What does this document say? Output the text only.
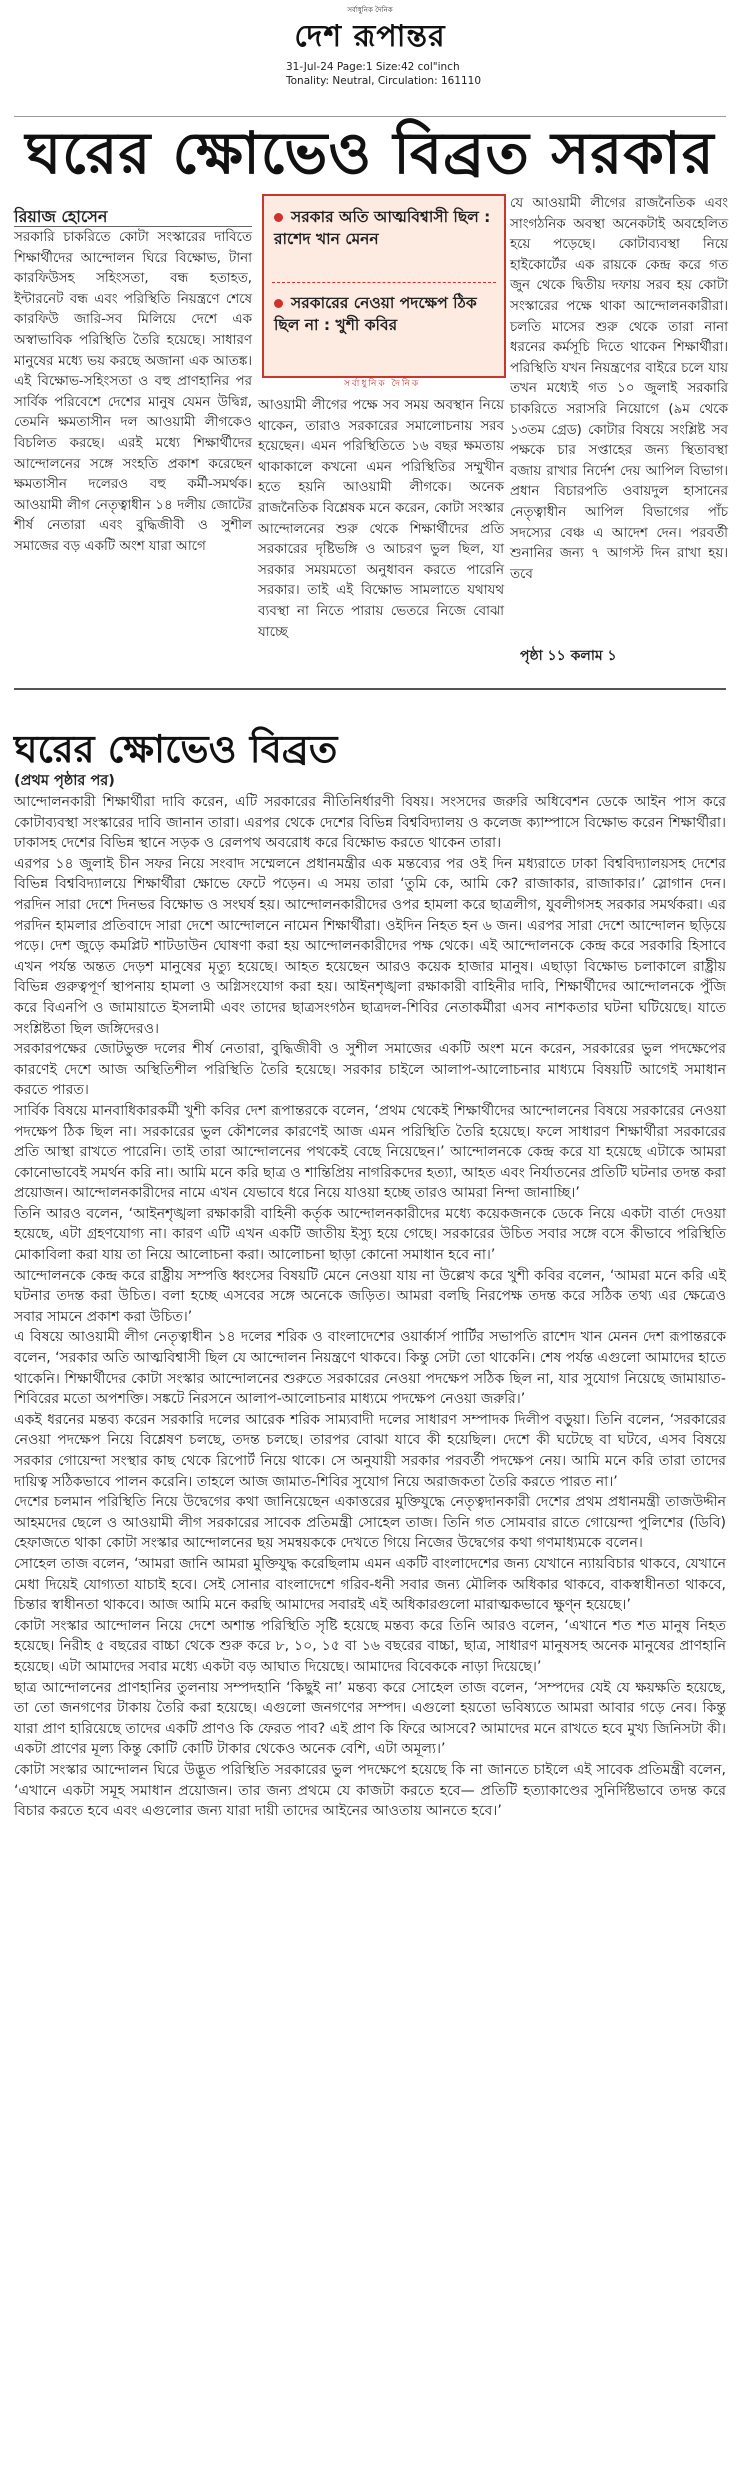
সর্বাধুনিক দৈনিক
দেশ রূপান্তর
31-Jul-24 Page:1 Size:42 col"inch
Tonality: Neutral, Circulation: 161110
ঘরের ক্ষোভেও বিব্রত সরকার
রিয়াজ হোসেন
সরকারি চাকরিতে কোটা সংস্কারের দাবিতে শিক্ষার্থীদের আন্দোলন ঘিরে বিক্ষোভ, টানা কারফিউসহ সহিংসতা, বন্ধ হতাহত, ইন্টারনেট বন্ধ এবং পরিস্থিতি নিয়ন্ত্রণে শেষে কারফিউ জারি-সব মিলিয়ে দেশে এক অস্বাভাবিক পরিস্থিতি তৈরি হয়েছে। সাধারণ মানুষের মধ্যে ভয় করছে অজানা এক আতঙ্ক। এই বিক্ষোভ-সহিংসতা ও বহু প্রাণহানির পর সার্বিক পরিবেশে দেশের মানুষ যেমন উদ্বিগ্ন, তেমনি ক্ষমতাসীন দল আওয়ামী লীগকেও বিচলিত করছে। এরই মধ্যে শিক্ষার্থীদের আন্দোলনের সঙ্গে সংহতি প্রকাশ করেছেন ক্ষমতাসীন দলেরও বহু কর্মী-সমর্থক। আওয়ামী লীগ নেতৃত্বাধীন ১৪ দলীয় জোটের শীর্ষ নেতারা এবং বুদ্ধিজীবী ও সুশীল সমাজের বড় একটি অংশ যারা আগে
সরকার অতি আত্মবিশ্বাসী ছিল : রাশেদ খান মেনন
সরকারের নেওয়া পদক্ষেপ ঠিক ছিল না : খুশী কবির
সর্বাধুনিক দৈনিক
আওয়ামী লীগের পক্ষে সব সময় অবস্থান নিয়ে থাকেন, তারাও সরকারের সমালোচনায় সরব হয়েছেন। এমন পরিস্থিতিতে ১৬ বছর ক্ষমতায় থাকাকালে কখনো এমন পরিস্থিতির সম্মুখীন হতে হয়নি আওয়ামী লীগকে। অনেক রাজনৈতিক বিশ্লেষক মনে করেন, কোটা সংস্কার আন্দোলনের শুরু থেকে শিক্ষার্থীদের প্রতি সরকারের দৃষ্টিভঙ্গি ও আচরণ ভুল ছিল, যা সরকার সময়মতো অনুধাবন করতে পারেনি সরকার। তাই এই বিক্ষোভ সামলাতে যথাযথ ব্যবস্থা না নিতে পারায় ভেতরে নিজে বোঝা যাচ্ছে
যে আওয়ামী লীগের রাজনৈতিক এবং সাংগঠনিক অবস্থা অনেকটাই অবহেলিত হয়ে পড়েছে। কোটাব্যবস্থা নিয়ে হাইকোর্টের এক রায়কে কেন্দ্র করে গত জুন থেকে দ্বিতীয় দফায় সরব হয় কোটা সংস্কারের পক্ষে থাকা আন্দোলনকারীরা। চলতি মাসের শুরু থেকে তারা নানা ধরনের কর্মসূচি দিতে থাকেন শিক্ষার্থীরা। পরিস্থিতি যখন নিয়ন্ত্রণের বাইরে চলে যায় তখন মধ্যেই গত ১০ জুলাই সরকারি চাকরিতে সরাসরি নিয়োগে (৯ম থেকে ১৩তম গ্রেড) কোটার বিষয়ে সংশ্লিষ্ট সব পক্ষকে চার সপ্তাহের জন্য স্থিতাবস্থা বজায় রাখার নির্দেশ দেয় আপিল বিভাগ। প্রধান বিচারপতি ওবায়দুল হাসানের নেতৃত্বাধীন আপিল বিভাগের পাঁচ সদস্যের বেঞ্চ এ আদেশ দেন। পরবর্তী শুনানির জন্য ৭ আগস্ট দিন রাখা হয়। তবে
পৃষ্ঠা ১১ কলাম ১
ঘরের ক্ষোভেও বিব্রত
(প্রথম পৃষ্ঠার পর)

আন্দোলনকারী শিক্ষার্থীরা দাবি করেন, এটি সরকারের নীতিনির্ধারণী বিষয়। সংসদের জরুরি অধিবেশন ডেকে আইন পাস করে কোটাব্যবস্থা সংস্কারের দাবি জানান তারা। এরপর থেকে দেশের বিভিন্ন বিশ্ববিদ্যালয় ও কলেজ ক্যাম্পাসে বিক্ষোভ করেন শিক্ষার্থীরা। ঢাকাসহ দেশের বিভিন্ন স্থানে সড়ক ও রেলপথ অবরোধ করে বিক্ষোভ করতে থাকেন তারা।

এরপর ১৪ জুলাই চীন সফর নিয়ে সংবাদ সম্মেলনে প্রধানমন্ত্রীর এক মন্তব্যের পর ওই দিন মধ্যরাতে ঢাকা বিশ্ববিদ্যালয়সহ দেশের বিভিন্ন বিশ্ববিদ্যালয়ে শিক্ষার্থীরা ক্ষোভে ফেটে পড়েন। এ সময় তারা ‘তুমি কে, আমি কে? রাজাকার, রাজাকার।’ স্লোগান দেন। পরদিন সারা দেশে দিনভর বিক্ষোভ ও সংঘর্ষ হয়। আন্দোলনকারীদের ওপর হামলা করে ছাত্রলীগ, যুবলীগসহ সরকার সমর্থকরা। এর পরদিন হামলার প্রতিবাদে সারা দেশে আন্দোলনে নামেন শিক্ষার্থীরা। ওইদিন নিহত হন ৬ জন। এরপর সারা দেশে আন্দোলন ছড়িয়ে পড়ে। দেশ জুড়ে কমপ্লিট শাটডাউন ঘোষণা করা হয় আন্দোলনকারীদের পক্ষ থেকে। এই আন্দোলনকে কেন্দ্র করে সরকারি হিসাবে এখন পর্যন্ত অন্তত দেড়শ মানুষের মৃত্যু হয়েছে। আহত হয়েছেন আরও কয়েক হাজার মানুষ। এছাড়া বিক্ষোভ চলাকালে রাষ্ট্রীয় বিভিন্ন গুরুত্বপূর্ণ স্থাপনায় হামলা ও অগ্নিসংযোগ করা হয়। আইনশৃঙ্খলা রক্ষাকারী বাহিনীর দাবি, শিক্ষার্থীদের আন্দোলনকে পুঁজি করে বিএনপি ও জামায়াতে ইসলামী এবং তাদের ছাত্রসংগঠন ছাত্রদল-শিবির নেতাকর্মীরা এসব নাশকতার ঘটনা ঘটিয়েছে। যাতে সংশ্লিষ্টতা ছিল জঙ্গিদেরও।

সরকারপক্ষের জোটভুক্ত দলের শীর্ষ নেতারা, বুদ্ধিজীবী ও সুশীল সমাজের একটি অংশ মনে করেন, সরকারের ভুল পদক্ষেপের কারণেই দেশে আজ অস্থিতিশীল পরিস্থিতি তৈরি হয়েছে। সরকার চাইলে আলাপ-আলোচনার মাধ্যমে বিষয়টি আগেই সমাধান করতে পারত।

সার্বিক বিষয়ে মানবাধিকারকর্মী খুশী কবির দেশ রূপান্তরকে বলেন, ‘প্রথম থেকেই শিক্ষার্থীদের আন্দোলনের বিষয়ে সরকারের নেওয়া পদক্ষেপ ঠিক ছিল না। সরকারের ভুল কৌশলের কারণেই আজ এমন পরিস্থিতি তৈরি হয়েছে। ফলে সাধারণ শিক্ষার্থীরা সরকারের প্রতি আস্থা রাখতে পারেনি। তাই তারা আন্দোলনের পথকেই বেছে নিয়েছেন।’ আন্দোলনকে কেন্দ্র করে যা হয়েছে এটাকে আমরা কোনোভাবেই সমর্থন করি না। আমি মনে করি ছাত্র ও শান্তিপ্রিয় নাগরিকদের হত্যা, আহত এবং নির্যাতনের প্রতিটি ঘটনার তদন্ত করা প্রয়োজন। আন্দোলনকারীদের নামে এখন যেভাবে ধরে নিয়ে যাওয়া হচ্ছে তারও আমরা নিন্দা জানাচ্ছি।’

তিনি আরও বলেন, ‘আইনশৃঙ্খলা রক্ষাকারী বাহিনী কর্তৃক আন্দোলনকারীদের মধ্যে কয়েকজনকে ডেকে নিয়ে একটা বার্তা দেওয়া হয়েছে, এটা গ্রহণযোগ্য না। কারণ এটি এখন একটি জাতীয় ইস্যু হয়ে গেছে। সরকারের উচিত সবার সঙ্গে বসে কীভাবে পরিস্থিতি মোকাবিলা করা যায় তা নিয়ে আলোচনা করা। আলোচনা ছাড়া কোনো সমাধান হবে না।’

আন্দোলনকে কেন্দ্র করে রাষ্ট্রীয় সম্পত্তি ধ্বংসের বিষয়টি মেনে নেওয়া যায় না উল্লেখ করে খুশী কবির বলেন, ‘আমরা মনে করি এই ঘটনার তদন্ত করা উচিত। বলা হচ্ছে এসবের সঙ্গে অনেকে জড়িত। আমরা বলছি নিরপেক্ষ তদন্ত করে সঠিক তথ্য এর ক্ষেত্রেও সবার সামনে প্রকাশ করা উচিত।’

এ বিষয়ে আওয়ামী লীগ নেতৃত্বাধীন ১৪ দলের শরিক ও বাংলাদেশের ওয়ার্কার্স পার্টির সভাপতি রাশেদ খান মেনন দেশ রূপান্তরকে বলেন, ‘সরকার অতি আত্মবিশ্বাসী ছিল যে আন্দোলন নিয়ন্ত্রণে থাকবে। কিন্তু সেটা তো থাকেনি। শেষ পর্যন্ত এগুলো আমাদের হাতে থাকেনি। শিক্ষার্থীদের কোটা সংস্কার আন্দোলনের শুরুতে সরকারের নেওয়া পদক্ষেপ সঠিক ছিল না, যার সুযোগ নিয়েছে জামায়াত-শিবিরের মতো অপশক্তি। সঙ্কটে নিরসনে আলাপ-আলোচনার মাধ্যমে পদক্ষেপ নেওয়া জরুরি।’

একই ধরনের মন্তব্য করেন সরকারি দলের আরেক শরিক সাম্যবাদী দলের সাধারণ সম্পাদক দিলীপ বড়ুয়া। তিনি বলেন, ‘সরকারের নেওয়া পদক্ষেপ নিয়ে বিশ্লেষণ চলছে, তদন্ত চলছে। তারপর বোঝা যাবে কী হয়েছিল। দেশে কী ঘটেছে বা ঘটবে, এসব বিষয়ে সরকার গোয়েন্দা সংস্থার কাছ থেকে রিপোর্ট নিয়ে থাকে। সে অনুযায়ী সরকার পরবর্তী পদক্ষেপ নেয়। আমি মনে করি তারা তাদের দায়িত্ব সঠিকভাবে পালন করেনি। তাহলে আজ জামাত-শিবির সুযোগ নিয়ে অরাজকতা তৈরি করতে পারত না।’

দেশের চলমান পরিস্থিতি নিয়ে উদ্বেগের কথা জানিয়েছেন একাত্তরের মুক্তিযুদ্ধে নেতৃত্বদানকারী দেশের প্রথম প্রধানমন্ত্রী তাজউদ্দীন আহমদের ছেলে ও আওয়ামী লীগ সরকারের সাবেক প্রতিমন্ত্রী সোহেল তাজ। তিনি গত সোমবার রাতে গোয়েন্দা পুলিশের (ডিবি) হেফাজতে থাকা কোটা সংস্কার আন্দোলনের ছয় সমন্বয়ককে দেখতে গিয়ে নিজের উদ্বেগের কথা গণমাধ্যমকে বলেন।

সোহেল তাজ বলেন, ‘আমরা জানি আমরা মুক্তিযুদ্ধ করেছিলাম এমন একটি বাংলাদেশের জন্য যেখানে ন্যায়বিচার থাকবে, যেখানে মেধা দিয়েই যোগ্যতা যাচাই হবে। সেই সোনার বাংলাদেশে গরিব-ধনী সবার জন্য মৌলিক অধিকার থাকবে, বাকস্বাধীনতা থাকবে, চিন্তার স্বাধীনতা থাকবে। আজ আমি মনে করছি আমাদের সবারই এই অধিকারগুলো মারাত্মকভাবে ক্ষুণ্ন হয়েছে।’

কোটা সংস্কার আন্দোলন নিয়ে দেশে অশান্ত পরিস্থিতি সৃষ্টি হয়েছে মন্তব্য করে তিনি আরও বলেন, ‘এখানে শত শত মানুষ নিহত হয়েছে। নিরীহ ৫ বছরের বাচ্চা থেকে শুরু করে ৮, ১০, ১৫ বা ১৬ বছরের বাচ্চা, ছাত্র, সাধারণ মানুষসহ অনেক মানুষের প্রাণহানি হয়েছে। এটা আমাদের সবার মধ্যে একটা বড় আঘাত দিয়েছে। আমাদের বিবেককে নাড়া দিয়েছে।’

ছাত্র আন্দোলনের প্রাণহানির তুলনায় সম্পদহানি ‘কিছুই না’ মন্তব্য করে সোহেল তাজ বলেন, ‘সম্পদের যেই যে ক্ষয়ক্ষতি হয়েছে, তা তো জনগণের টাকায় তৈরি করা হয়েছে। এগুলো জনগণের সম্পদ। এগুলো হয়তো ভবিষ্যতে আমরা আবার গড়ে নেব। কিন্তু যারা প্রাণ হারিয়েছে তাদের একটি প্রাণও কি ফেরত পাব? এই প্রাণ কি ফিরে আসবে? আমাদের মনে রাখতে হবে মুখ্য জিনিসটা কী। একটা প্রাণের মূল্য কিন্তু কোটি কোটি টাকার থেকেও অনেক বেশি, এটা অমূল্য।’

কোটা সংস্কার আন্দোলন ঘিরে উদ্ভূত পরিস্থিতি সরকারের ভুল পদক্ষেপে হয়েছে কি না জানতে চাইলে এই সাবেক প্রতিমন্ত্রী বলেন, ‘এখানে একটা সমূহ সমাধান প্রয়োজন। তার জন্য প্রথমে যে কাজটা করতে হবে— প্রতিটি হত্যাকাণ্ডের সুনির্দিষ্টভাবে তদন্ত করে বিচার করতে হবে এবং এগুলোর জন্য যারা দায়ী তাদের আইনের আওতায় আনতে হবে।’
